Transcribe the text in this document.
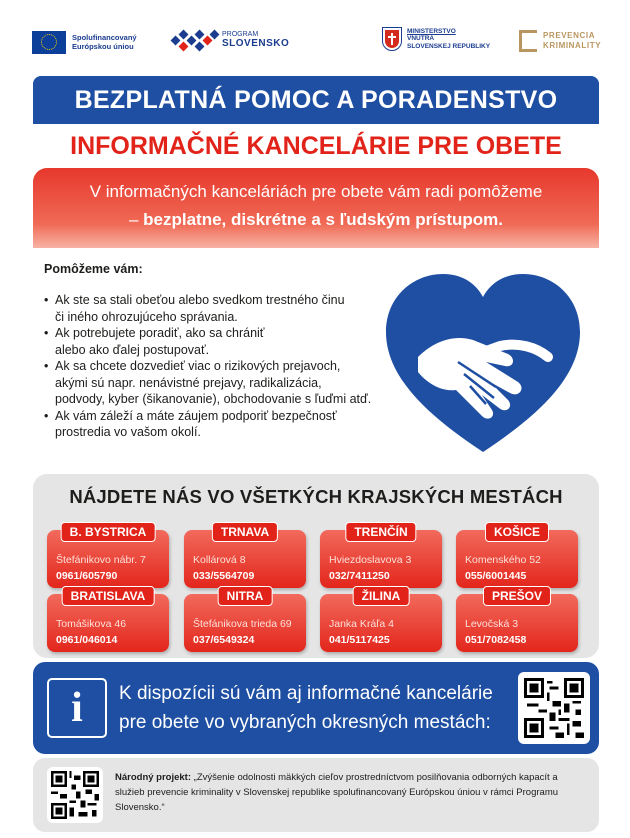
Spolufinancovaný Európskou úniou
PROGRAM
SLOVENSKO
MINISTERSTVO
VNÚTRA
SLOVENSKEJ REPUBLIKY
PREVENCIA
KRIMINALITY
BEZPLATNÁ POMOC A PORADENSTVO
INFORMAČNÉ KANCELÁRIE PRE OBETE
V informačných kanceláriách pre obete vám radi pomôžeme
– bezplatne, diskrétne a s ľudským prístupom.
Pomôžeme vám:
• Ak ste sa stali obeťou alebo svedkom trestného činu
či iného ohrozujúceho správania.
• Ak potrebujete poradiť, ako sa chrániť
alebo ako ďalej postupovať.
• Ak sa chcete dozvedieť viac o rizikových prejavoch,
akými sú napr. nenávistné prejavy, radikalizácia,
podvody, kyber (šikanovanie), obchodovanie s ľuďmi atď.
• Ak vám záleží a máte záujem podporiť bezpečnosť
prostredia vo vašom okolí.
NÁJDETE NÁS VO VŠETKÝCH KRAJSKÝCH MESTÁCH
B. BYSTRICA
Štefánikovo nábr. 7
0961/605790
TRNAVA
Kollárová 8
033/5564709
TRENČÍN
Hviezdoslavova 3
032/7411250
KOŠICE
Komenského 52
055/6001445
BRATISLAVA
Tomášikova 46
0961/046014
NITRA
Štefánikova trieda 69
037/6549324
ŽILINA
Janka Kráľa 4
041/5117425
PREŠOV
Levočská 3
051/7082458
i	K dispozícii sú vám aj informačné kancelárie
pre obete vo vybraných okresných mestách:
Národný projekt: „Zvýšenie odolnosti mäkkých cieľov prostredníctvom posilňovania odborných kapacít a služieb prevencie kriminality v Slovenskej republike spolufinancovaný Európskou úniou v rámci Programu Slovensko.“
